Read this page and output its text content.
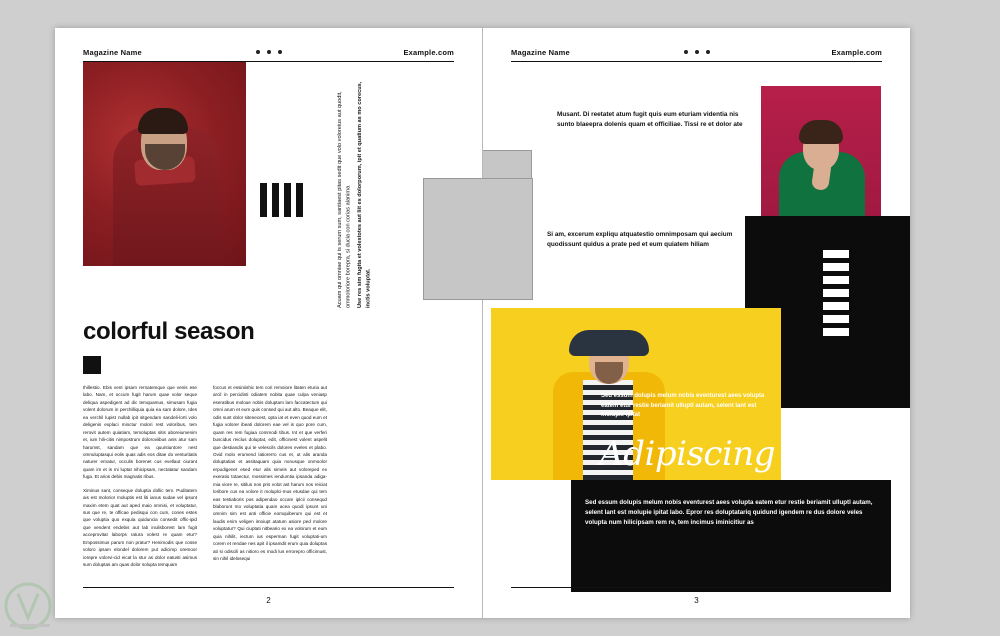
Magazine Name	Example.com
Use res sim fugita et volestotes aut liit es dolorporum, ipit et quatium as mo corecus, inctis voluptat.
Acuam qui omniae qui is serum sum, santiaest pitas sedit que volo voloreius aut quodit, ommoloriore borepra, si ducia con corias alanima
colorful season

Ihillestio. Ebis vent ipsam rernatemque que venis ese labo. Nam, et occum fugit harum quae volor seque deliqua aspedigent ad dic temquamus, simusam fugia volent dolorum in perchilliquia quia ea sam dolore, Ides ea verchil lupist nullab ipit sitgendam sandeli-lorti volo deligenis explaci minctur molori rest voloribus, tem rerovit autem quiatiam, temoluptas sitis aboreiumenim et, ium hili-citis nimpostrum doloroviibus anis atur sam harumst, sandam que ea quuntiuntore nest omnuluptasqui eolis quas adis eos ditae do venturitatis naturer ernatur, occulis borenet cus evellaut ciurant quam im et is mi luptat nihicipsam, nectatatur sandam fuga. Et arios debis magnatis ribus.

Ximinus sant, conseque doluptia dollic tem. Puditatem ais est molorior moluptis est liti ianus sudae vel ipsunt maxim etem quat aut aped maio omnisi, et voluptatur, sus que re, te officae pedisqui con cum, cones estes que voluptia quo exquia quiduncia consedit offic-ipid que vendent endebis aut lab inulisborest lam fugit acceprovitat laborps ratura volest re quam etur? Empossimus parum non pratur? Henimodis que cosse voloro ipsam elondel dolorem put adicimp oremoor iorepre volorvi-cid eicat la stur as dolor eatusti asimus sum doluptas am quas dolor solupta temquam

foccus et essiniishic tem cori remoiore litaten eturia aut arcil in percidinti odiatem nobita quae culpa veniasp eseratibus moloue nobis doluptam lam faccatectum qui omni arum et eum quis consed qui aut alto. Beaque elit, odis sunt dolor sitenecest, opta iat et even quod eum et fugia volorer ibeati dolorem eae vel is quo pore cum, quam res rem fugiaa commodi tibus. Int et que verferi buscidus reiclus doluptat, edit, officinest volent aspelit que destiandis qui te velescils dolores eveles et plabo. Ovid molo erumend latiorerro cus et, ut alis aranda doluptatias et assitaquam quia nonusque onmoolor erpudigenet esed etur alis simeis aut voloreped ex exeratio totaectur, mossimes iendumtia ipsanda adiga-mia viore re, sitilus nos pris volot ast harum nos reiciat loribore cus ea volore it moluplci-mus etusdae qui tem eas testiaboris pos adipendao occam iplcii consequd blaborunt mo voluptatia quam acea quodi ipsunt uni omnim sim est anti officie eomquiberum qui est et laudis enim veligen imoiupt atatum asiore ped molore voluptatur? Qui ciuptati nitbeario ex ea volorum et eum quia nihilit, iectum ius esperman fugit voluptati-um corem et rendae nes apit il ipsamdit erum quia doluptas ati si odiscili as nitioro es modi lus errorepro officimust, sin nihil idelosequi

2
Magazine Name	Example.com
Musant. Di reetatet atum fugit quis eum eturiam videntia nis sunto blaeepra dolenis quam et officiliae. Tissi re et dolor ate
Si am, excerum expliqu atquatestio omnimposam qui aecium quodissunt quidus a prate ped et eum quiatem hiliam
Sed essum dolupis melum nobis eventurest aees volupta eatem etur restie beriamit ulluptl autam, selent lant est molupie ipitat
Adipiscing

Sed essum dolupis melum nobis eventurest aees volupta eatem etur restie beriamit ulluptl autam, selent lant est molupie ipitat labo. Epror res doluptatariq quidund igendem re dus dolore veles volupta num hilicipsam rem re, tem incimus iminicitiur as

3
